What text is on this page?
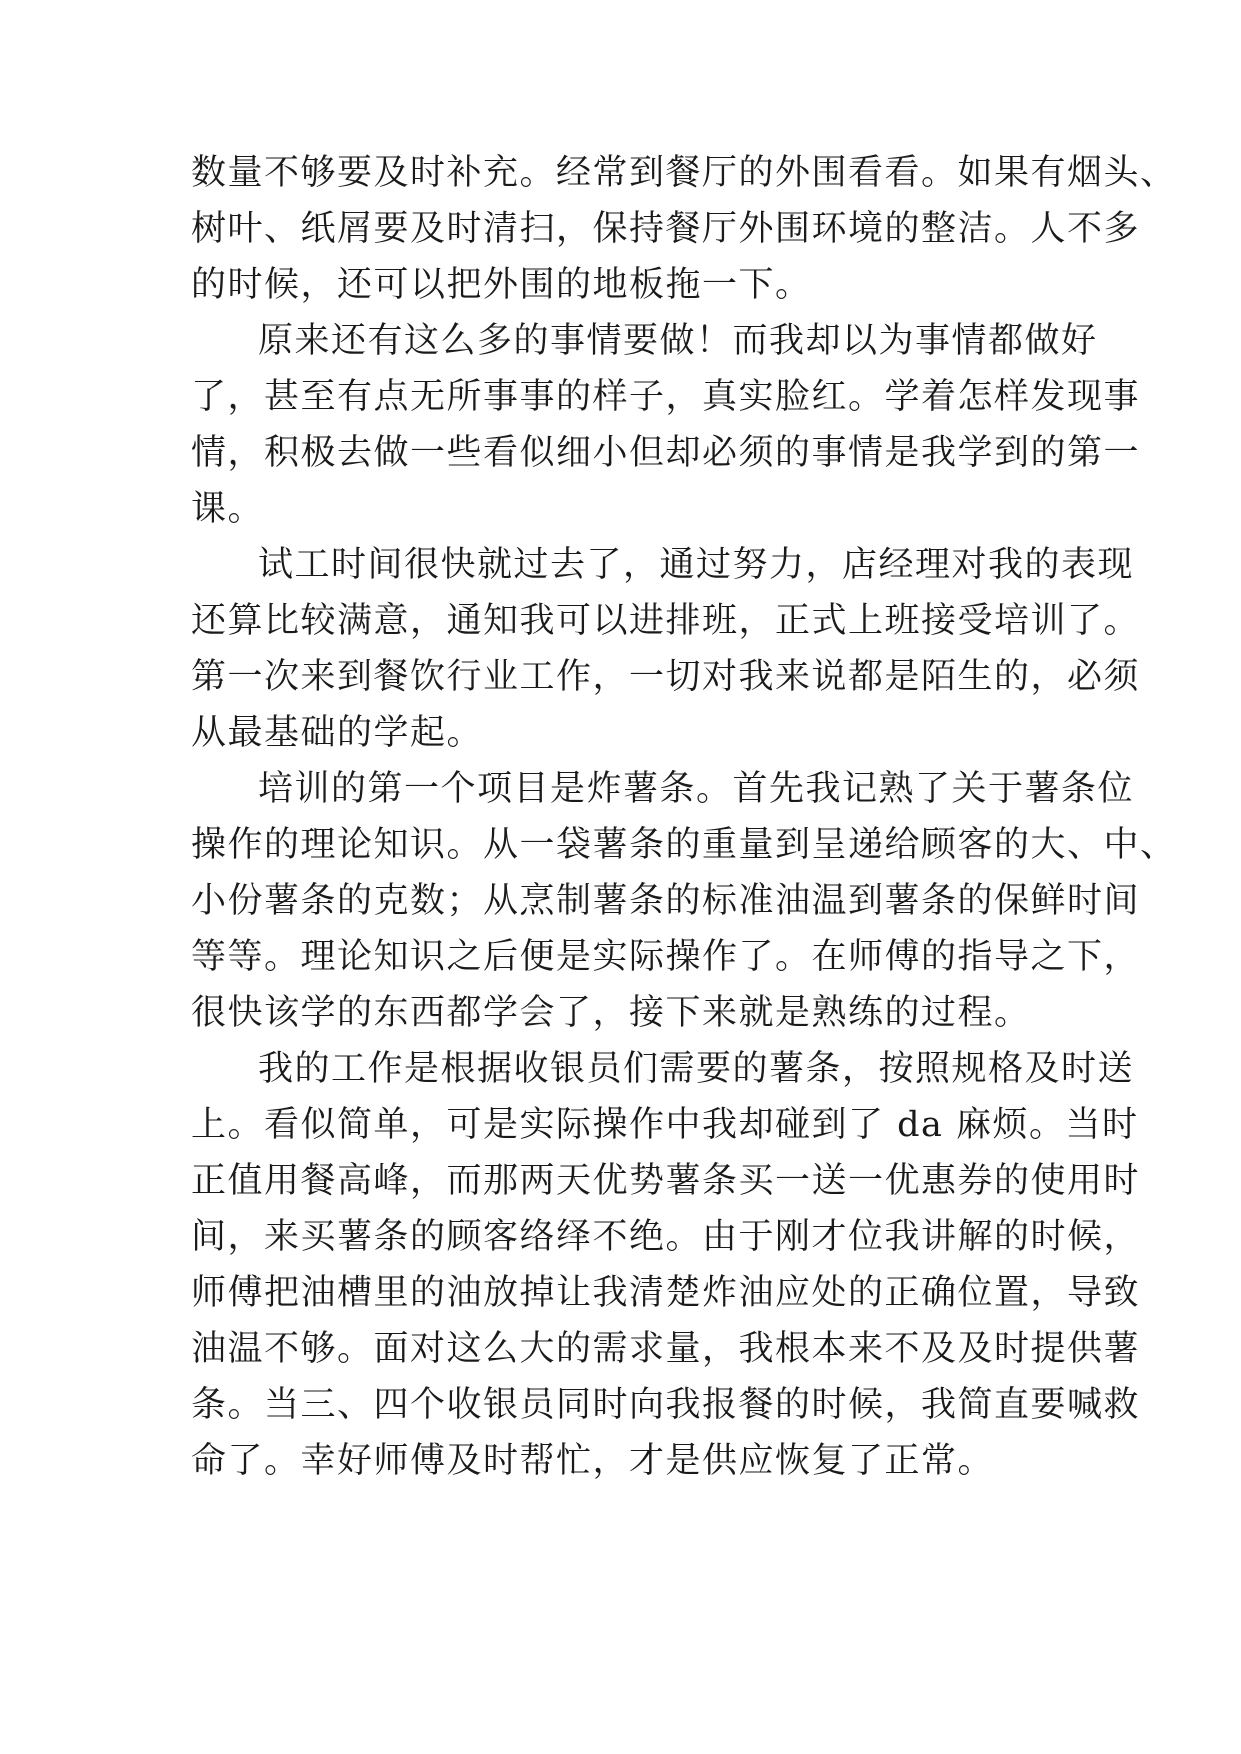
数量不够要及时补充。经常到餐厅的外围看看。如果有烟头、
树叶、纸屑要及时清扫，保持餐厅外围环境的整洁。人不多
的时候，还可以把外围的地板拖一下。
原来还有这么多的事情要做！而我却以为事情都做好
了，甚至有点无所事事的样子，真实脸红。学着怎样发现事
情，积极去做一些看似细小但却必须的事情是我学到的第一
课。
试工时间很快就过去了，通过努力，店经理对我的表现
还算比较满意，通知我可以进排班，正式上班接受培训了。
第一次来到餐饮行业工作，一切对我来说都是陌生的，必须
从最基础的学起。
培训的第一个项目是炸薯条。首先我记熟了关于薯条位
操作的理论知识。从一袋薯条的重量到呈递给顾客的大、中、
小份薯条的克数；从烹制薯条的标准油温到薯条的保鲜时间
等等。理论知识之后便是实际操作了。在师傅的指导之下，
很快该学的东西都学会了，接下来就是熟练的过程。
我的工作是根据收银员们需要的薯条，按照规格及时送
上。看似简单，可是实际操作中我却碰到了 da 麻烦。当时
正值用餐高峰，而那两天优势薯条买一送一优惠券的使用时
间，来买薯条的顾客络绎不绝。由于刚才位我讲解的时候，
师傅把油槽里的油放掉让我清楚炸油应处的正确位置，导致
油温不够。面对这么大的需求量，我根本来不及及时提供薯
条。当三、四个收银员同时向我报餐的时候，我简直要喊救
命了。幸好师傅及时帮忙，才是供应恢复了正常。
